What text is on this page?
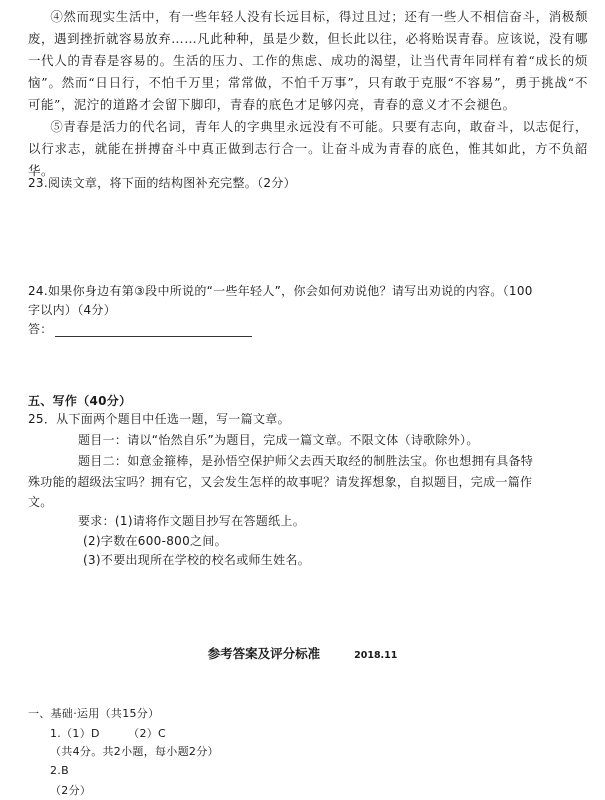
④然而现实生活中，有一些年轻人没有长远目标，得过且过；还有一些人不相信奋斗，消极颓废，遇到挫折就容易放弃……凡此种种，虽是少数，但长此以往，必将贻误青春。应该说，没有哪一代人的青春是容易的。生活的压力、工作的焦虑、成功的渴望，让当代青年同样有着“成长的烦恼”。然而“日日行，不怕千万里；常常做，不怕千万事”，只有敢于克服“不容易”，勇于挑战“不可能”，泥泞的道路才会留下脚印，青春的底色才足够闪亮，青春的意义才不会褪色。

⑤青春是活力的代名词，青年人的字典里永远没有不可能。只要有志向，敢奋斗，以志促行，以行求志，就能在拼搏奋斗中真正做到志行合一。让奋斗成为青春的底色，惟其如此，方不负韶华。

23.阅读文章，将下面的结构图补充完整。（2分）

24.如果你身边有第③段中所说的“一些年轻人”，你会如何劝说他？请写出劝说的内容。（100

字以内）（4分）

答：

五、写作（40分）

25．从下面两个题目中任选一题，写一篇文章。

题目一：请以“怡然自乐”为题目，完成一篇文章。不限文体（诗歌除外）。

题目二：如意金箍棒，是孙悟空保护师父去西天取经的制胜法宝。你也想拥有具备特

殊功能的超级法宝吗？拥有它，又会发生怎样的故事呢？请发挥想象，自拟题目，完成一篇作

文。

要求：(1)请将作文题目抄写在答题纸上。

(2)字数在600-800之间。

(3)不要出现所在学校的校名或师生姓名。

参考答案及评分标准	2018.11

一、基础·运用（共15分）

1.（1）D　　　（2）C

（共4分。共2小题，每小题2分）

2.B

（2分）
